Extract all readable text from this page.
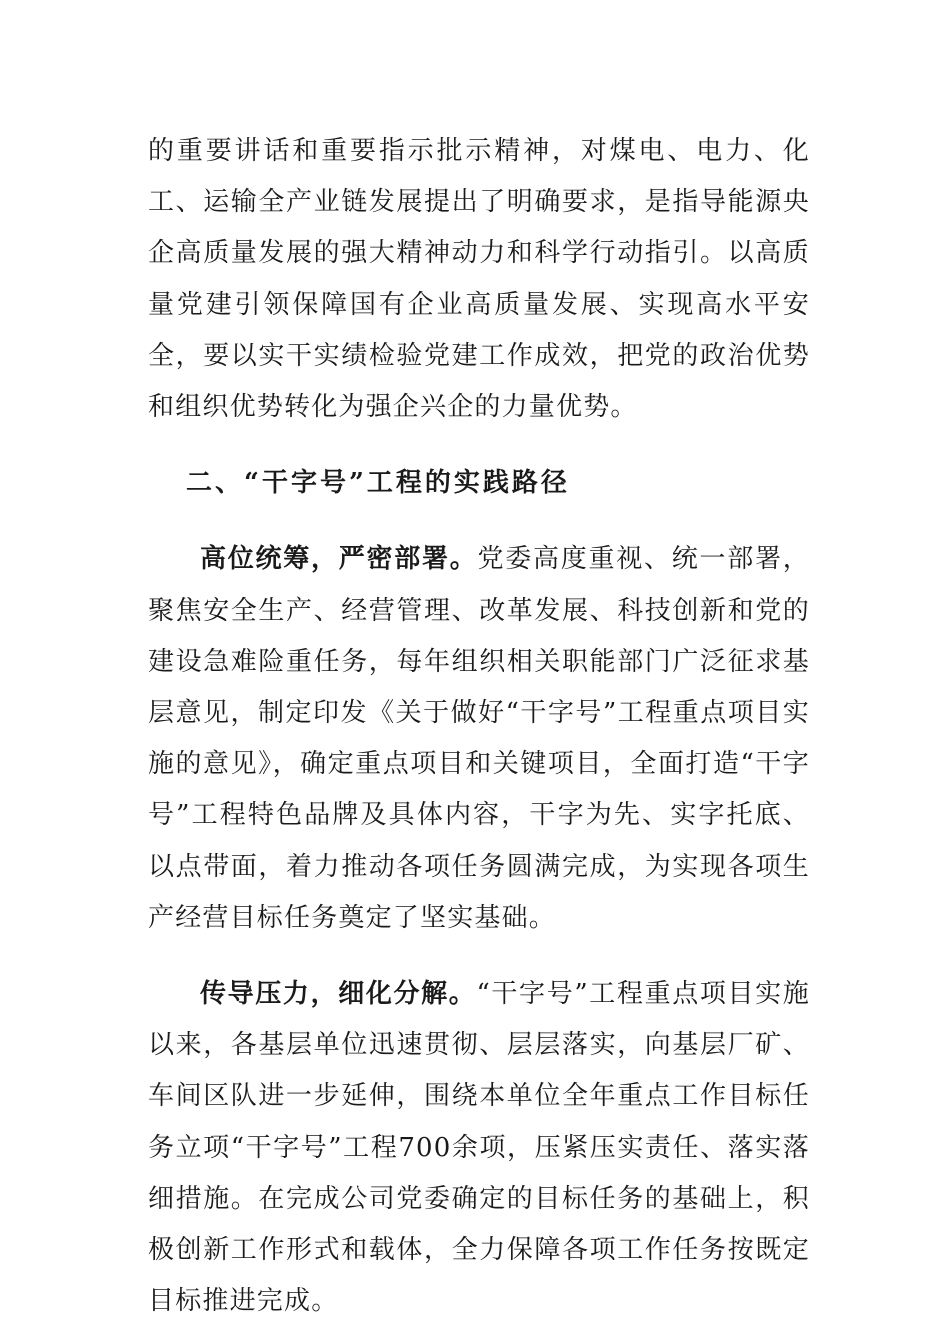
的重要讲话和重要指示批示精神，对煤电、电力、化工、运输全产业链发展提出了明确要求，是指导能源央企高质量发展的强大精神动力和科学行动指引。以高质量党建引领保障国有企业高质量发展、实现高水平安全，要以实干实绩检验党建工作成效，把党的政治优势和组织优势转化为强企兴企的力量优势。

二、“干字号”工程的实践路径

高位统筹，严密部署。党委高度重视、统一部署，聚焦安全生产、经营管理、改革发展、科技创新和党的建设急难险重任务，每年组织相关职能部门广泛征求基层意见，制定印发《关于做好“干字号”工程重点项目实施的意见》，确定重点项目和关键项目，全面打造“干字号”工程特色品牌及具体内容，干字为先、实字托底、以点带面，着力推动各项任务圆满完成，为实现各项生产经营目标任务奠定了坚实基础。

传导压力，细化分解。“干字号”工程重点项目实施以来，各基层单位迅速贯彻、层层落实，向基层厂矿、车间区队进一步延伸，围绕本单位全年重点工作目标任务立项“干字号”工程700余项，压紧压实责任、落实落细措施。在完成公司党委确定的目标任务的基础上，积极创新工作形式和载体，全力保障各项工作任务按既定目标推进完成。
